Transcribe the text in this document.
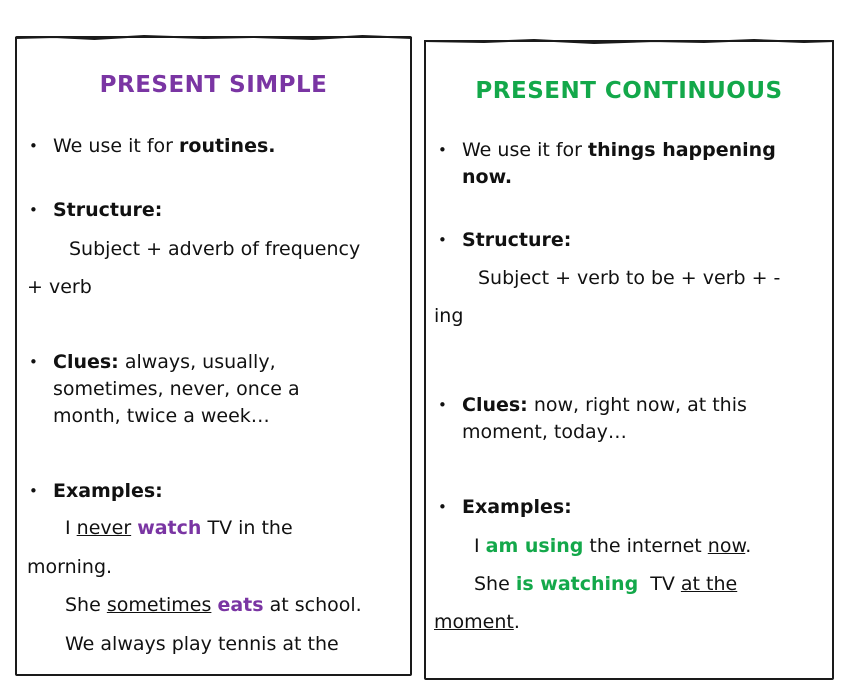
PRESENT SIMPLE
• We use it for routines.
• Structure:
Subject + adverb of frequency
+ verb
• Clues: always, usually,
sometimes, never, once a
month, twice a week…
• Examples:
I never watch TV in the
morning.
She sometimes eats at school.
We always play tennis at the
PRESENT CONTINUOUS
• We use it for things happening
now.
• Structure:
Subject + verb to be + verb + -
ing
• Clues: now, right now, at this
moment, today…
• Examples:
I am using the internet now.
She is watching  TV at the
moment.
